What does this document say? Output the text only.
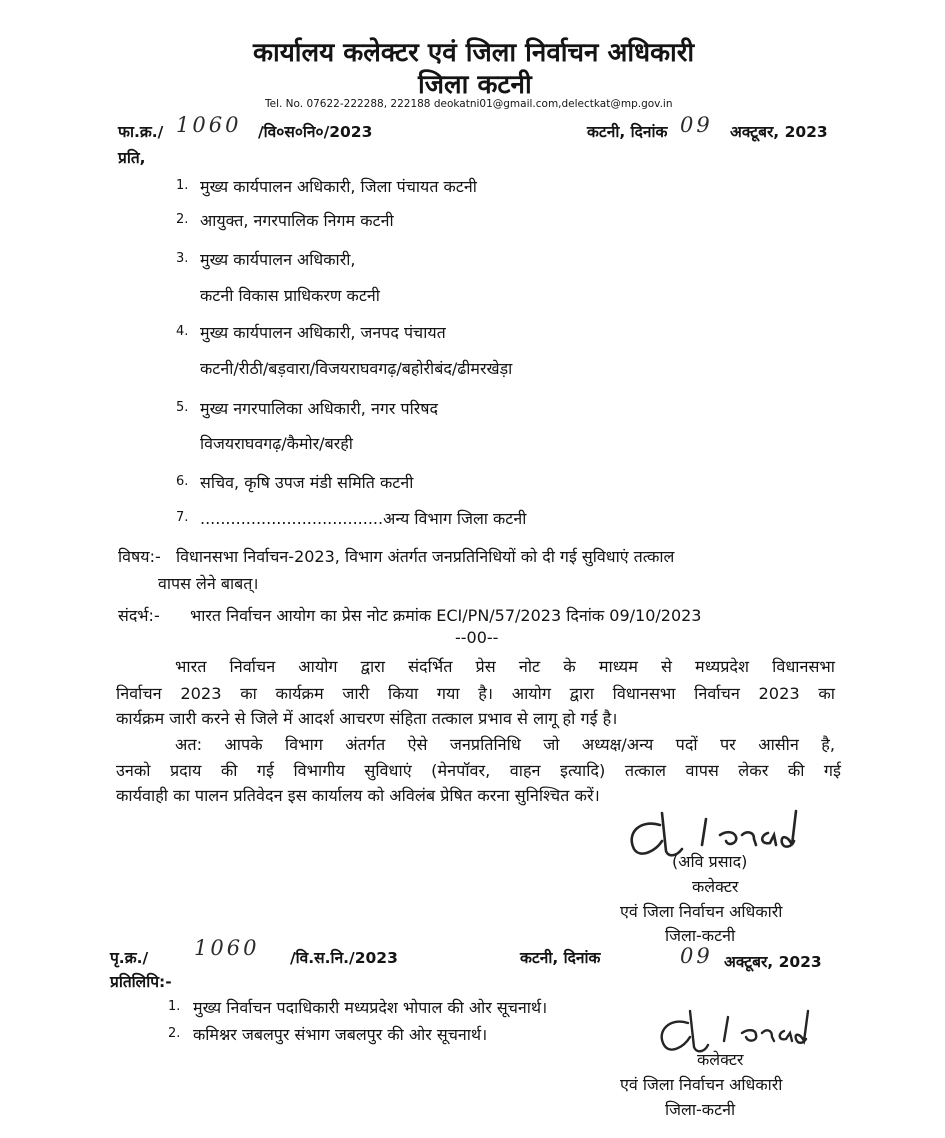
कार्यालय कलेक्टर एवं जिला निर्वाचन अधिकारी
जिला कटनी
Tel. No. 07622-222288, 222188 deokatni01@gmail.com,delectkat@mp.gov.in
फा.क्र./ 1060 /वि०स०नि०/2023	कटनी, दिनांक 09 अक्टूबर, 2023
प्रति,
1. मुख्य कार्यपालन अधिकारी, जिला पंचायत कटनी
2. आयुक्त, नगरपालिक निगम कटनी
3. मुख्य कार्यपालन अधिकारी,
कटनी विकास प्राधिकरण कटनी
4. मुख्य कार्यपालन अधिकारी, जनपद पंचायत
कटनी/रीठी/बड़वारा/विजयराघवगढ़/बहोरीबंद/ढीमरखेड़ा
5. मुख्य नगरपालिका अधिकारी, नगर परिषद
विजयराघवगढ़/कैमोर/बरही
6. सचिव, कृषि उपज मंडी समिति कटनी
7. ....................................अन्य विभाग जिला कटनी
विषय:- विधानसभा निर्वाचन-2023, विभाग अंतर्गत जनप्रतिनिधियों को दी गई सुविधाएं तत्काल
वापस लेने बाबत्।
संदर्भ:- भारत निर्वाचन आयोग का प्रेस नोट क्रमांक ECI/PN/57/2023 दिनांक 09/10/2023
--00--
भारत निर्वाचन आयोग द्वारा संदर्भित प्रेस नोट के माध्यम से मध्यप्रदेश विधानसभा
निर्वाचन 2023 का कार्यक्रम जारी किया गया है। आयोग द्वारा विधानसभा निर्वाचन 2023 का
कार्यक्रम जारी करने से जिले में आदर्श आचरण संहिता तत्काल प्रभाव से लागू हो गई है।
अत: आपके विभाग अंतर्गत ऐसे जनप्रतिनिधि जो अध्यक्ष/अन्य पदों पर आसीन है,
उनको प्रदाय की गई विभागीय सुविधाएं (मेनपॉवर, वाहन इत्यादि) तत्काल वापस लेकर की गई
कार्यवाही का पालन प्रतिवेदन इस कार्यालय को अविलंब प्रेषित करना सुनिश्चित करें।
(अवि प्रसाद)
कलेक्टर
एवं जिला निर्वाचन अधिकारी
जिला-कटनी
पृ.क्र./ 1060 /वि.स.नि./2023	कटनी, दिनांक	09 अक्टूबर, 2023
प्रतिलिपि:-
1. मुख्य निर्वाचन पदाधिकारी मध्यप्रदेश भोपाल की ओर सूचनार्थ।
2. कमिश्नर जबलपुर संभाग जबलपुर की ओर सूचनार्थ।
कलेक्टर
एवं जिला निर्वाचन अधिकारी
जिला-कटनी
